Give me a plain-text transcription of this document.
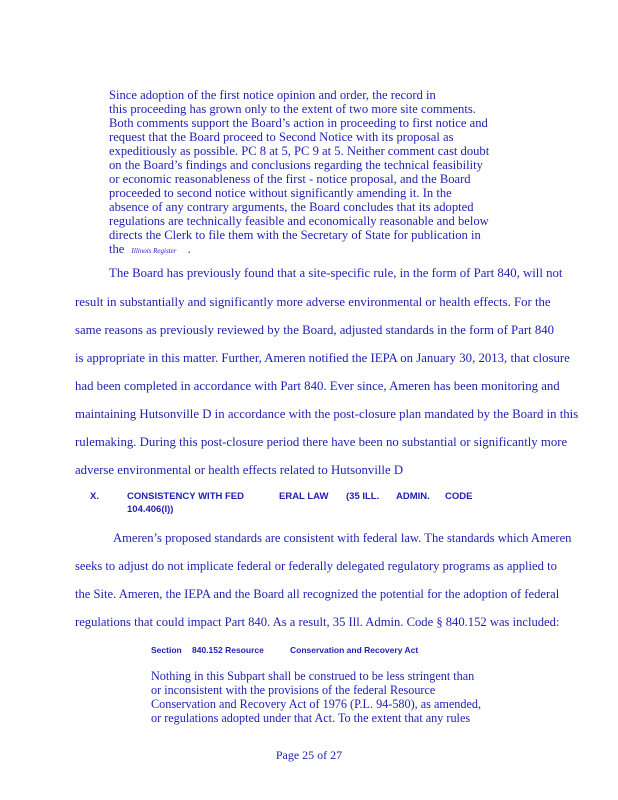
Since adoption of the first notice opinion and order, the record in
this proceeding has grown only to the extent of two more site comments.
Both comments support the Board’s action in proceeding to first notice and
request that the Board proceed to Second Notice with its proposal as
expeditiously as possible. PC 8 at 5, PC 9 at 5. Neither comment cast doubt
on the Board’s findings and conclusions regarding the technical feasibility
or economic reasonableness of the first - notice proposal, and the Board
proceeded to second notice without significantly amending it. In the
absence of any contrary arguments, the Board concludes that its adopted
regulations are technically feasible and economically reasonable and below
directs the Clerk to file them with the Secretary of State for publication in
the Illinois Register .
The Board has previously found that a site-specific rule, in the form of Part 840, will not
result in substantially and significantly more adverse environmental or health effects. For the
same reasons as previously reviewed by the Board, adjusted standards in the form of Part 840
is appropriate in this matter. Further, Ameren notified the IEPA on January 30, 2013, that closure
had been completed in accordance with Part 840. Ever since, Ameren has been monitoring and
maintaining Hutsonville D in accordance with the post-closure plan mandated by the Board in this
rulemaking. During this post-closure period there have been no substantial or significantly more
adverse environmental or health effects related to Hutsonville D
X.	CONSISTENCY WITH FED	ERAL LAW (35 ILL. ADMIN. CODE
104.406(I))
Ameren’s proposed standards are consistent with federal law. The standards which Ameren
seeks to adjust do not implicate federal or federally delegated regulatory programs as applied to
the Site. Ameren, the IEPA and the Board all recognized the potential for the adoption of federal
regulations that could impact Part 840. As a result, 35 Ill. Admin. Code § 840.152 was included:
Section 840.152 Resource	Conservation and Recovery Act
Nothing in this Subpart shall be construed to be less stringent than
or inconsistent with the provisions of the federal Resource
Conservation and Recovery Act of 1976 (P.L. 94-580), as amended,
or regulations adopted under that Act. To the extent that any rules
Page 25 of 27
